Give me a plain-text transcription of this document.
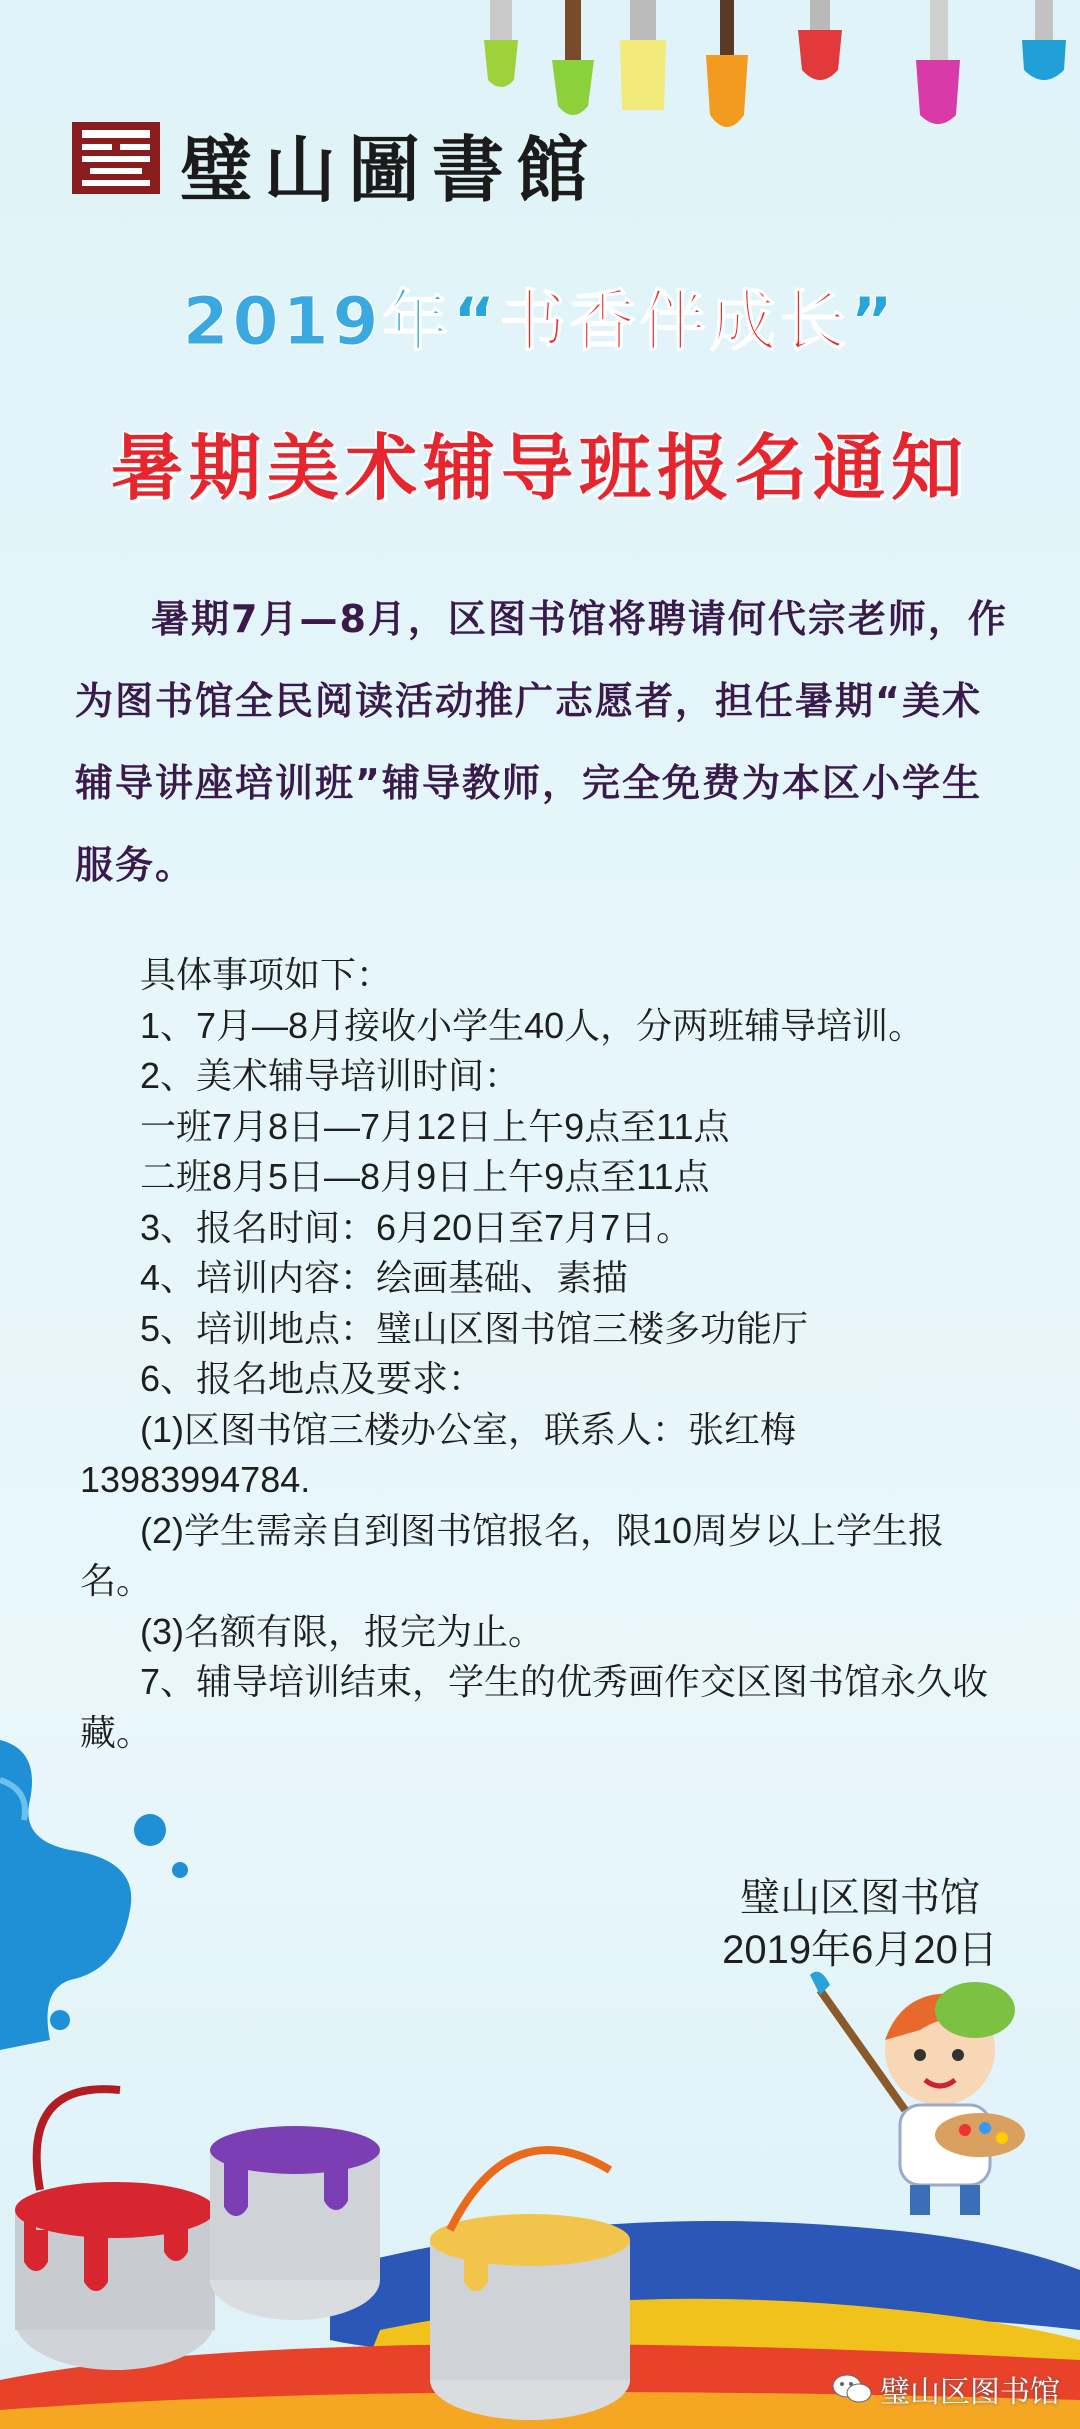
璧山圖書館
2019年“书香伴成长”
暑期美术辅导班报名通知
暑期7月—8月，区图书馆将聘请何代宗老师，作为图书馆全民阅读活动推广志愿者，担任暑期“美术辅导讲座培训班”辅导教师，完全免费为本区小学生服务。
具体事项如下：
1、7月—8月接收小学生40人，分两班辅导培训。
2、美术辅导培训时间：
一班7月8日—7月12日上午9点至11点
二班8月5日—8月9日上午9点至11点
3、报名时间：6月20日至7月7日。
4、培训内容：绘画基础、素描
5、培训地点：璧山区图书馆三楼多功能厅
6、报名地点及要求：
(1)区图书馆三楼办公室，联系人：张红梅13983994784.
(2)学生需亲自到图书馆报名，限10周岁以上学生报名。
(3)名额有限，报完为止。
7、辅导培训结束，学生的优秀画作交区图书馆永久收藏。
璧山区图书馆
2019年6月20日
璧山区图书馆
